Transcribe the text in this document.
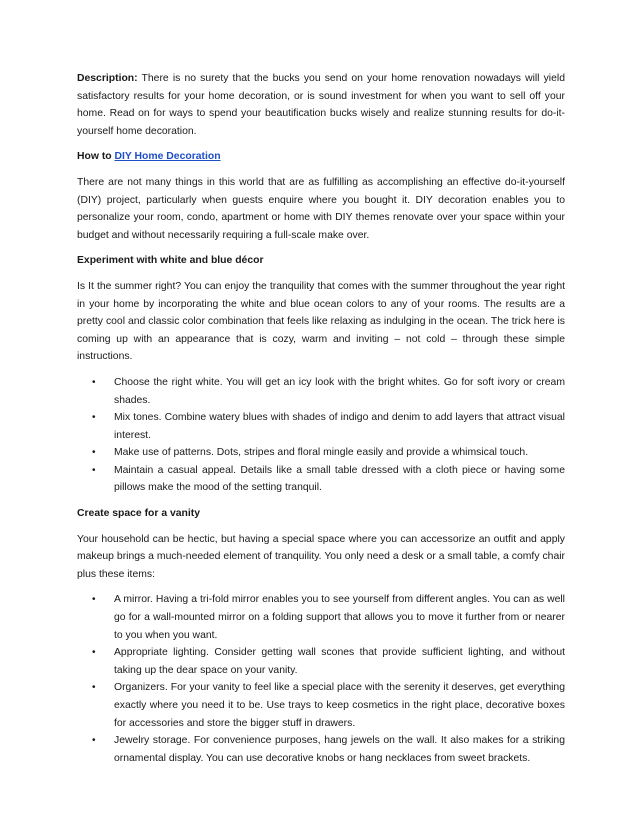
Description: There is no surety that the bucks you send on your home renovation nowadays will yield satisfactory results for your home decoration, or is sound investment for when you want to sell off your home. Read on for ways to spend your beautification bucks wisely and realize stunning results for do-it-yourself home decoration.

How to DIY Home Decoration

There are not many things in this world that are as fulfilling as accomplishing an effective do-it-yourself (DIY) project, particularly when guests enquire where you bought it. DIY decoration enables you to personalize your room, condo, apartment or home with DIY themes renovate over your space within your budget and without necessarily requiring a full-scale make over.

Experiment with white and blue décor

Is It the summer right? You can enjoy the tranquility that comes with the summer throughout the year right in your home by incorporating the white and blue ocean colors to any of your rooms. The results are a pretty cool and classic color combination that feels like relaxing as indulging in the ocean. The trick here is coming up with an appearance that is cozy, warm and inviting – not cold – through these simple instructions.

• Choose the right white. You will get an icy look with the bright whites. Go for soft ivory or cream shades.
• Mix tones. Combine watery blues with shades of indigo and denim to add layers that attract visual interest.
• Make use of patterns. Dots, stripes and floral mingle easily and provide a whimsical touch.
• Maintain a casual appeal. Details like a small table dressed with a cloth piece or having some pillows make the mood of the setting tranquil.

Create space for a vanity

Your household can be hectic, but having a special space where you can accessorize an outfit and apply makeup brings a much-needed element of tranquility. You only need a desk or a small table, a comfy chair plus these items:

• A mirror. Having a tri-fold mirror enables you to see yourself from different angles. You can as well go for a wall-mounted mirror on a folding support that allows you to move it further from or nearer to you when you want.
• Appropriate lighting. Consider getting wall scones that provide sufficient lighting, and without taking up the dear space on your vanity.
• Organizers. For your vanity to feel like a special place with the serenity it deserves, get everything exactly where you need it to be. Use trays to keep cosmetics in the right place, decorative boxes for accessories and store the bigger stuff in drawers.
• Jewelry storage. For convenience purposes, hang jewels on the wall. It also makes for a striking ornamental display. You can use decorative knobs or hang necklaces from sweet brackets.
